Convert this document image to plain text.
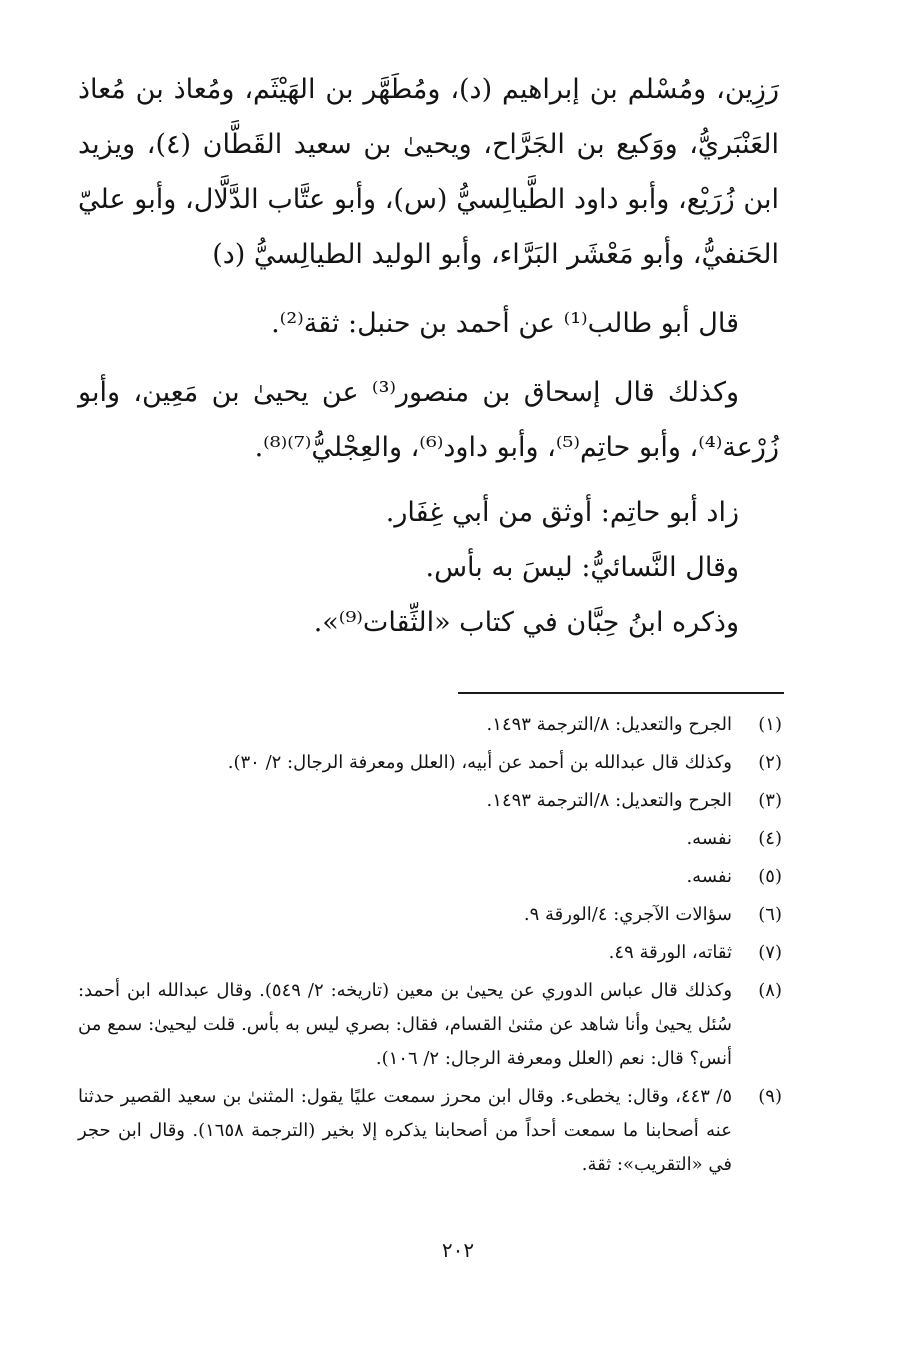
رَزِين، ومُسْلم بن إبراهيم (د)، ومُطَهَّر بن الهَيْثَم، ومُعاذ بن مُعاذ العَنْبَريُّ، ووَكيع بن الجَرَّاح، ويحيىٰ بن سعيد القَطَّان (٤)، ويزيد ابن زُرَيْع، وأبو داود الطَّيالِسيُّ (س)، وأبو عتَّاب الدَّلَّال، وأبو عليّ الحَنفيُّ، وأبو مَعْشَر البَرَّاء، وأبو الوليد الطيالِسيُّ (د)

قال أبو طالب⁽¹⁾ عن أحمد بن حنبل: ثقة⁽²⁾.

وكذلك قال إسحاق بن منصور⁽³⁾ عن يحيىٰ بن مَعِين، وأبو زُرْعة⁽⁴⁾، وأبو حاتِم⁽⁵⁾، وأبو داود⁽⁶⁾، والعِجْليُّ⁽⁷⁾⁽⁸⁾.

زاد أبو حاتِم: أوثق من أبي غِفَار.

وقال النَّسائيُّ: ليسَ به بأس.

وذكره ابنُ حِبَّان في كتاب «الثِّقات⁽⁹⁾».

(١)
الجرح والتعديل: ٨/الترجمة ١٤٩٣.
(٢)
وكذلك قال عبدالله بن أحمد عن أبيه، (العلل ومعرفة الرجال: ٢/ ٣٠).
(٣)
الجرح والتعديل: ٨/الترجمة ١٤٩٣.
(٤)
نفسه.
(٥)
نفسه.
(٦)
سؤالات الآجري: ٤/الورقة ٩.
(٧)
ثقاته، الورقة ٤٩.
(٨)
وكذلك قال عباس الدوري عن يحيىٰ بن معين (تاريخه: ٢/ ٥٤٩). وقال عبدالله ابن أحمد: سُئل يحيىٰ وأنا شاهد عن مثنىٰ القسام، فقال: بصري ليس به بأس. قلت ليحيىٰ: سمع من أنس؟ قال: نعم (العلل ومعرفة الرجال: ٢/ ١٠٦).
(٩)
٥/ ٤٤٣، وقال: يخطىء. وقال ابن محرز سمعت عليًا يقول: المثنىٰ بن سعيد القصير حدثنا عنه أصحابنا ما سمعت أحداً من أصحابنا يذكره إلا بخير (الترجمة ١٦٥٨). وقال ابن حجر في «التقريب»: ثقة.
٢٠٢
